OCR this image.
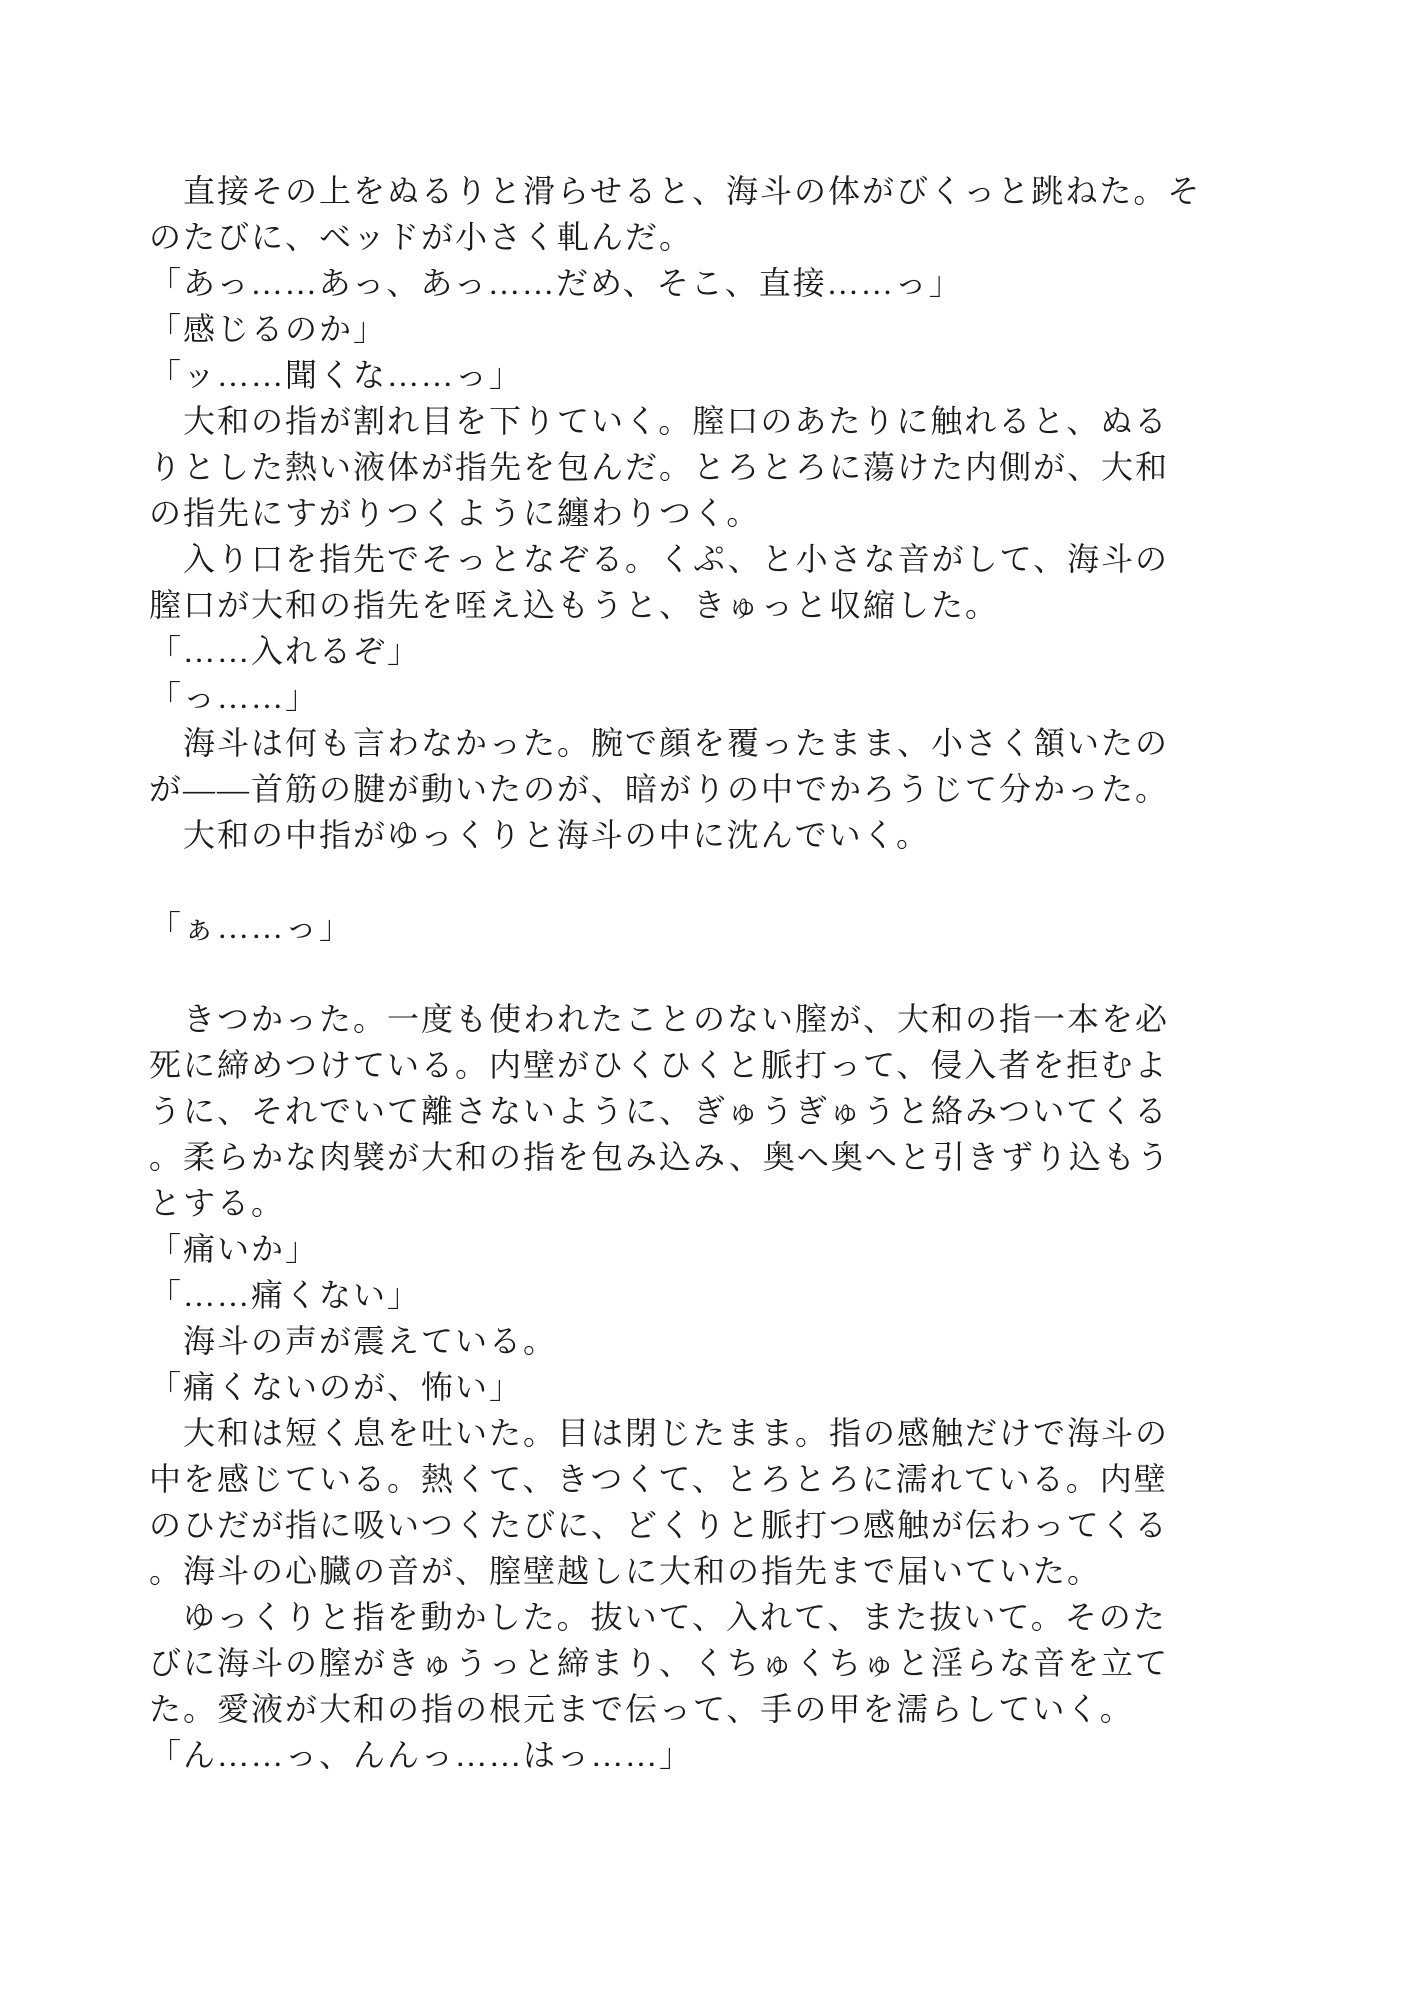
　直接その上をぬるりと滑らせると、海斗の体がびくっと跳ねた。そ
のたびに、ベッドが小さく軋んだ。
「あっ……あっ、あっ……だめ、そこ、直接……っ」
「感じるのか」
「ッ……聞くな……っ」
　大和の指が割れ目を下りていく。膣口のあたりに触れると、ぬる
りとした熱い液体が指先を包んだ。とろとろに蕩けた内側が、大和
の指先にすがりつくように纏わりつく。
　入り口を指先でそっとなぞる。くぷ、と小さな音がして、海斗の
膣口が大和の指先を咥え込もうと、きゅっと収縮した。
「……入れるぞ」
「っ……」
　海斗は何も言わなかった。腕で顔を覆ったまま、小さく頷いたの
が――首筋の腱が動いたのが、暗がりの中でかろうじて分かった。
　大和の中指がゆっくりと海斗の中に沈んでいく。
「ぁ……っ」
　きつかった。一度も使われたことのない膣が、大和の指一本を必
死に締めつけている。内壁がひくひくと脈打って、侵入者を拒むよ
うに、それでいて離さないように、ぎゅうぎゅうと絡みついてくる
。柔らかな肉襞が大和の指を包み込み、奥へ奥へと引きずり込もう
とする。
「痛いか」
「……痛くない」
　海斗の声が震えている。
「痛くないのが、怖い」
　大和は短く息を吐いた。目は閉じたまま。指の感触だけで海斗の
中を感じている。熱くて、きつくて、とろとろに濡れている。内壁
のひだが指に吸いつくたびに、どくりと脈打つ感触が伝わってくる
。海斗の心臓の音が、膣壁越しに大和の指先まで届いていた。
　ゆっくりと指を動かした。抜いて、入れて、また抜いて。そのた
びに海斗の膣がきゅうっと締まり、くちゅくちゅと淫らな音を立て
た。愛液が大和の指の根元まで伝って、手の甲を濡らしていく。
「ん……っ、んんっ……はっ……」
